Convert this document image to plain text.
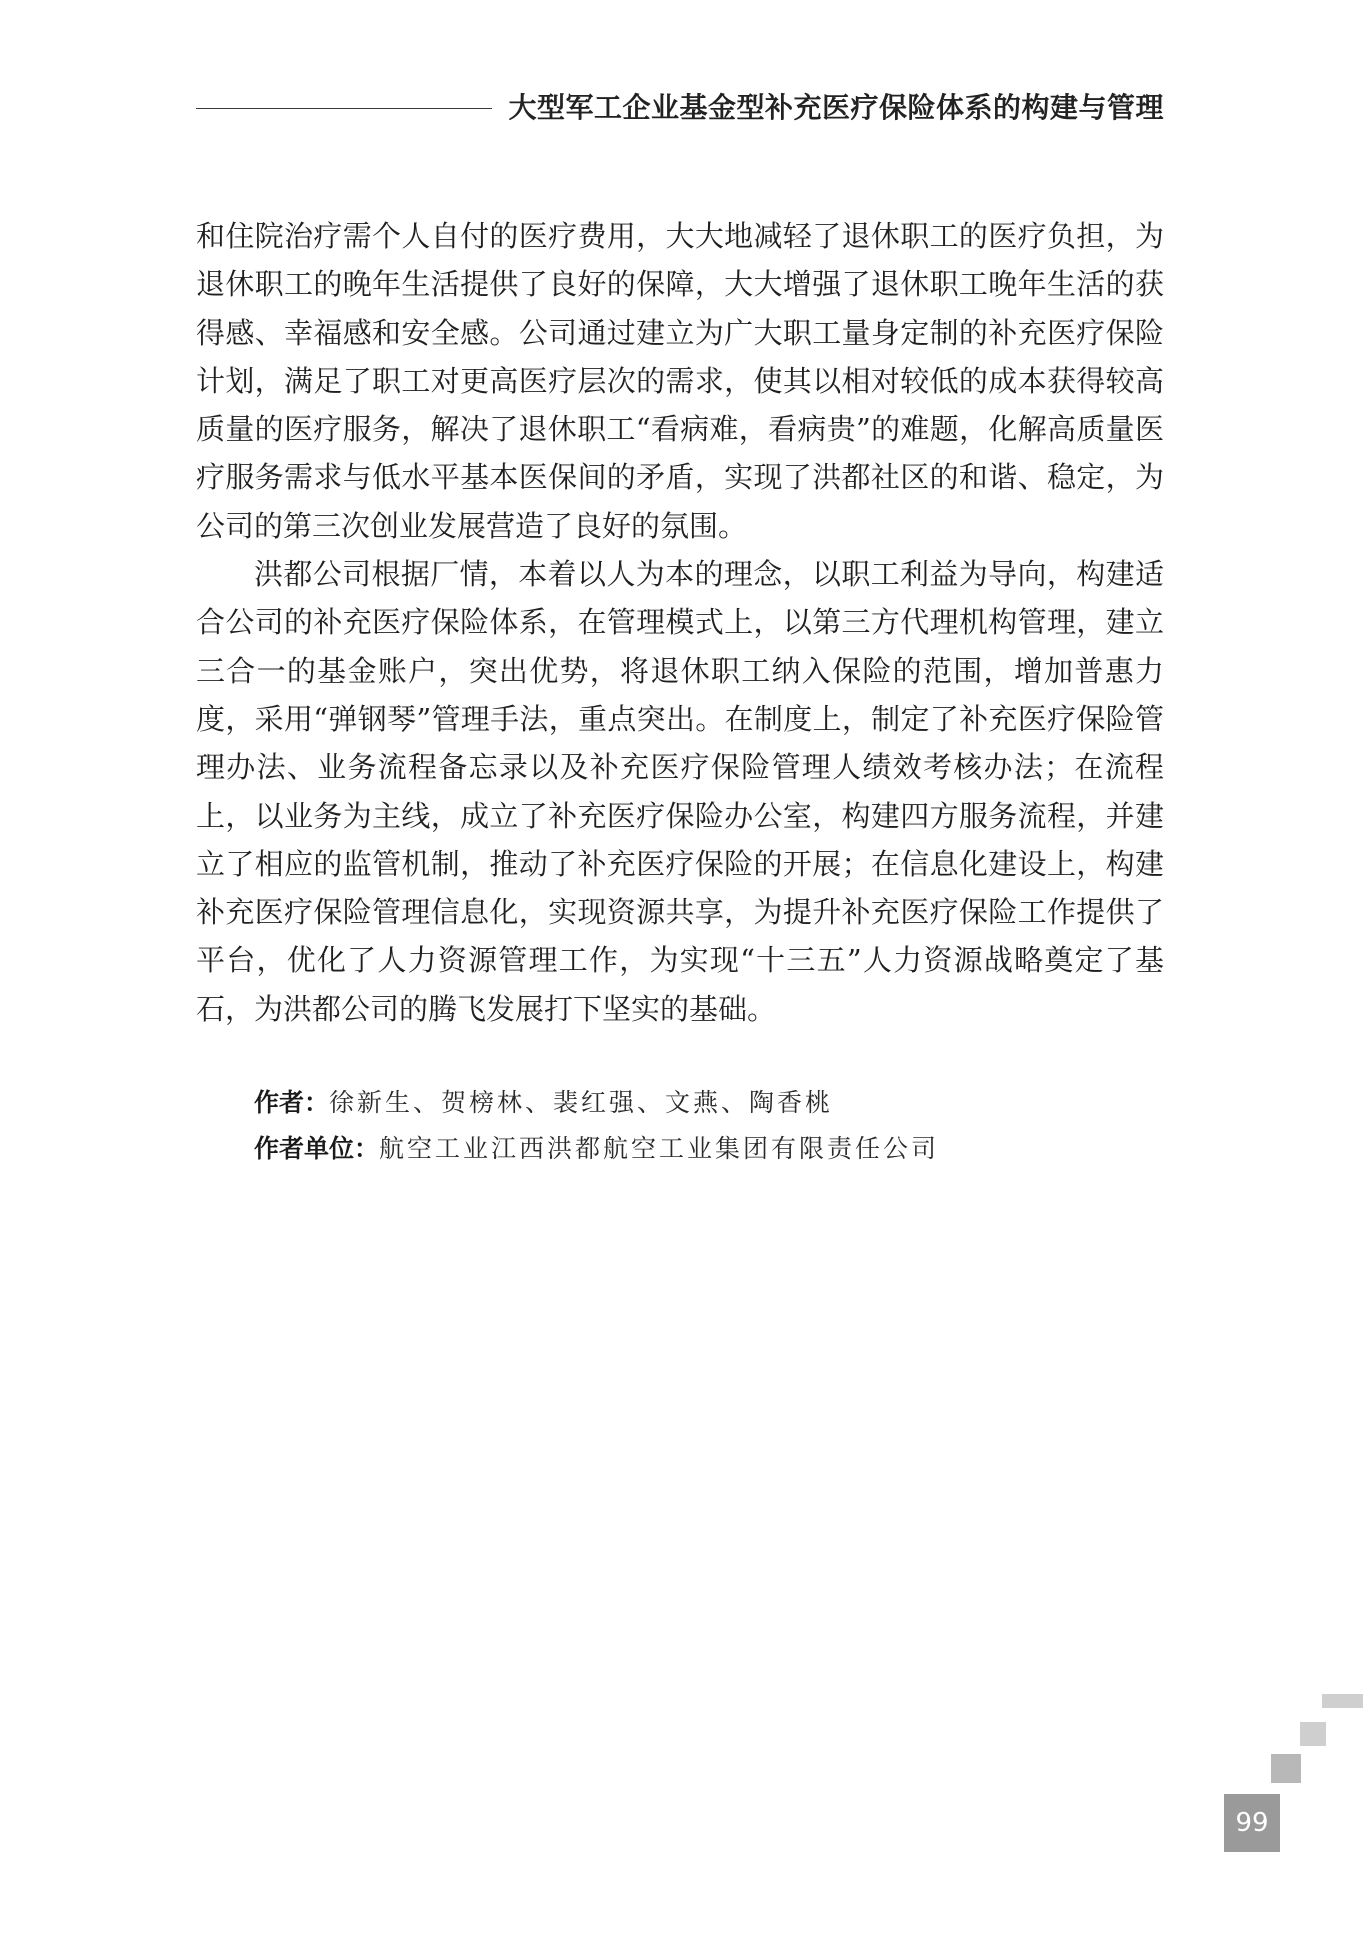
大型军工企业基金型补充医疗保险体系的构建与管理

和住院治疗需个人自付的医疗费用，大大地减轻了退休职工的医疗负担，为退休职工的晚年生活提供了良好的保障，大大增强了退休职工晚年生活的获得感、幸福感和安全感。公司通过建立为广大职工量身定制的补充医疗保险计划，满足了职工对更高医疗层次的需求，使其以相对较低的成本获得较高质量的医疗服务，解决了退休职工“看病难，看病贵”的难题，化解高质量医疗服务需求与低水平基本医保间的矛盾，实现了洪都社区的和谐、稳定，为公司的第三次创业发展营造了良好的氛围。

洪都公司根据厂情，本着以人为本的理念，以职工利益为导向，构建适合公司的补充医疗保险体系，在管理模式上，以第三方代理机构管理，建立三合一的基金账户，突出优势，将退休职工纳入保险的范围，增加普惠力度，采用“弹钢琴”管理手法，重点突出。在制度上，制定了补充医疗保险管理办法、业务流程备忘录以及补充医疗保险管理人绩效考核办法；在流程上，以业务为主线，成立了补充医疗保险办公室，构建四方服务流程，并建立了相应的监管机制，推动了补充医疗保险的开展；在信息化建设上，构建补充医疗保险管理信息化，实现资源共享，为提升补充医疗保险工作提供了平台，优化了人力资源管理工作，为实现“十三五”人力资源战略奠定了基石，为洪都公司的腾飞发展打下坚实的基础。

作者：徐新生、贺榜林、裴红强、文燕、陶香桃
作者单位：航空工业江西洪都航空工业集团有限责任公司
99
